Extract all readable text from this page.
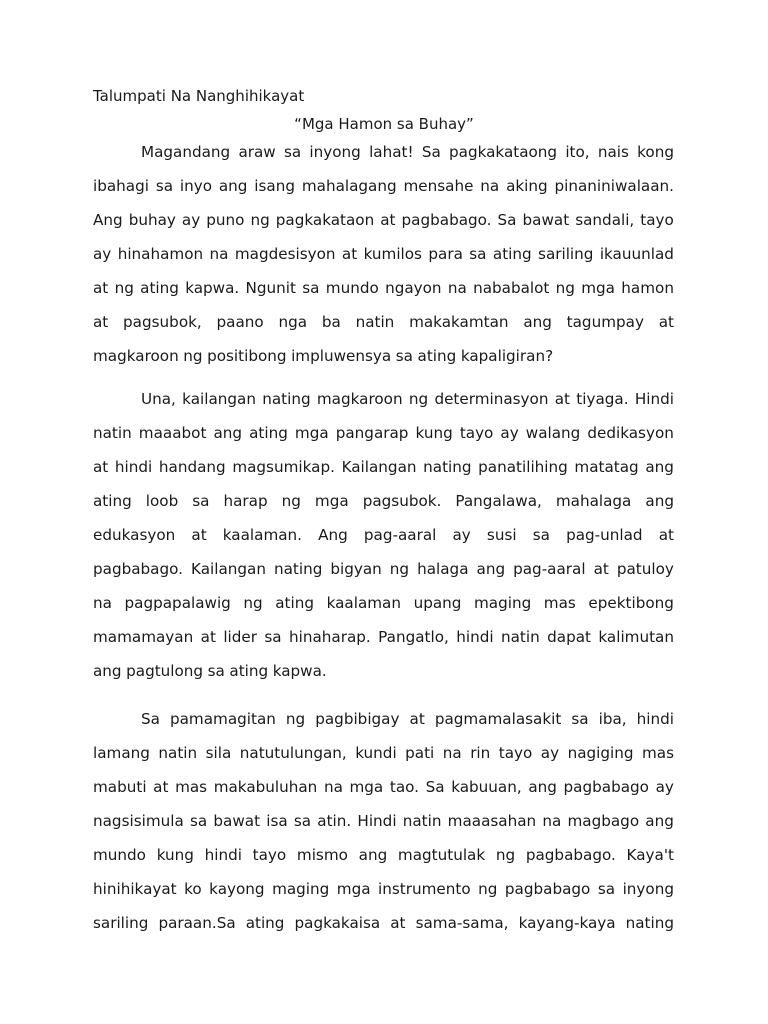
Talumpati Na Nanghihikayat
“Mga Hamon sa Buhay”
Magandang araw sa inyong lahat! Sa pagkakataong ito, nais kong
ibahagi sa inyo ang isang mahalagang mensahe na aking pinaniniwalaan.
Ang buhay ay puno ng pagkakataon at pagbabago. Sa bawat sandali, tayo
ay hinahamon na magdesisyon at kumilos para sa ating sariling ikauunlad
at ng ating kapwa. Ngunit sa mundo ngayon na nababalot ng mga hamon
at pagsubok, paano nga ba natin makakamtan ang tagumpay at
magkaroon ng positibong impluwensya sa ating kapaligiran?
Una, kailangan nating magkaroon ng determinasyon at tiyaga. Hindi
natin maaabot ang ating mga pangarap kung tayo ay walang dedikasyon
at hindi handang magsumikap. Kailangan nating panatilihing matatag ang
ating loob sa harap ng mga pagsubok. Pangalawa, mahalaga ang
edukasyon at kaalaman. Ang pag-aaral ay susi sa pag-unlad at
pagbabago. Kailangan nating bigyan ng halaga ang pag-aaral at patuloy
na pagpapalawig ng ating kaalaman upang maging mas epektibong
mamamayan at lider sa hinaharap. Pangatlo, hindi natin dapat kalimutan
ang pagtulong sa ating kapwa.
Sa pamamagitan ng pagbibigay at pagmamalasakit sa iba, hindi
lamang natin sila natutulungan, kundi pati na rin tayo ay nagiging mas
mabuti at mas makabuluhan na mga tao. Sa kabuuan, ang pagbabago ay
nagsisimula sa bawat isa sa atin. Hindi natin maaasahan na magbago ang
mundo kung hindi tayo mismo ang magtutulak ng pagbabago. Kaya't
hinihikayat ko kayong maging mga instrumento ng pagbabago sa inyong
sariling paraan.Sa ating pagkakaisa at sama-sama, kayang-kaya nating
